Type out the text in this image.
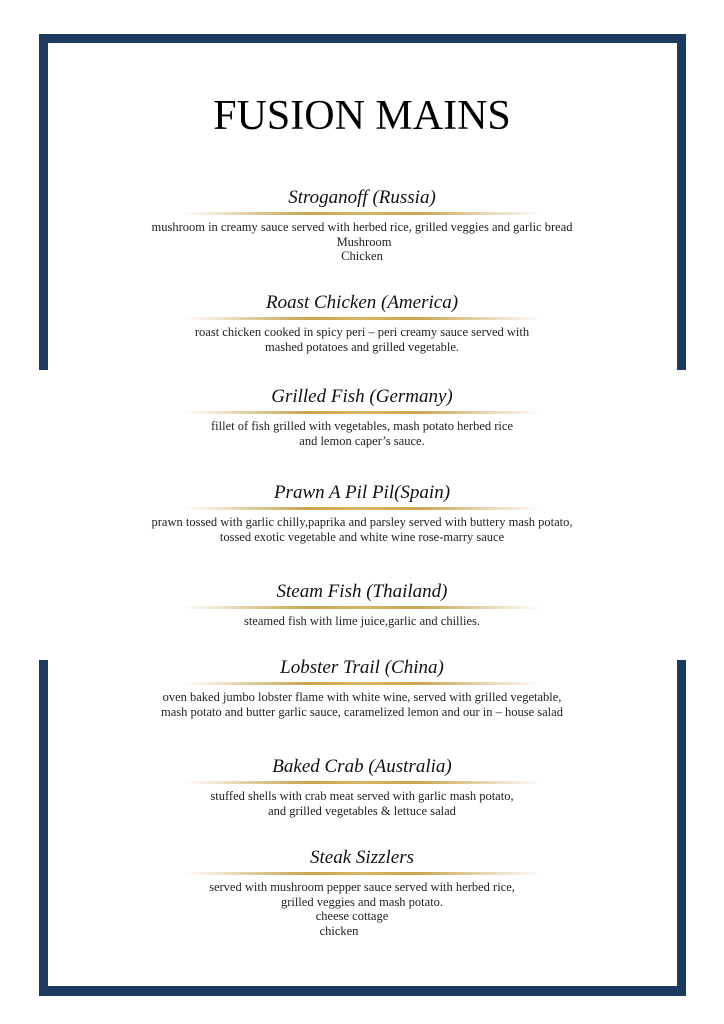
FUSION MAINS
Stroganoff (Russia)
mushroom in creamy sauce served with herbed rice, grilled veggies and garlic bread
Mushroom
Chicken
Roast Chicken (America)
roast chicken cooked in spicy peri – peri creamy sauce served with
mashed potatoes and grilled vegetable.
Grilled Fish (Germany)
fillet of fish grilled with vegetables, mash potato herbed rice
and lemon caper’s sauce.
Prawn A Pil Pil(Spain)
prawn tossed with garlic chilly,paprika and parsley served with buttery mash potato,
tossed exotic vegetable and white wine rose-marry sauce
Steam Fish (Thailand)
steamed fish with lime juice,garlic and chillies.
Lobster Trail (China)
oven baked jumbo lobster flame with white wine, served with grilled vegetable,
mash potato and butter garlic sauce, caramelized lemon and our in – house salad
Baked Crab (Australia)
stuffed shells with crab meat served with garlic mash potato,
and grilled vegetables & lettuce salad
Steak Sizzlers
served with mushroom pepper sauce served with herbed rice,
grilled veggies and mash potato.
cheese cottage
chicken
